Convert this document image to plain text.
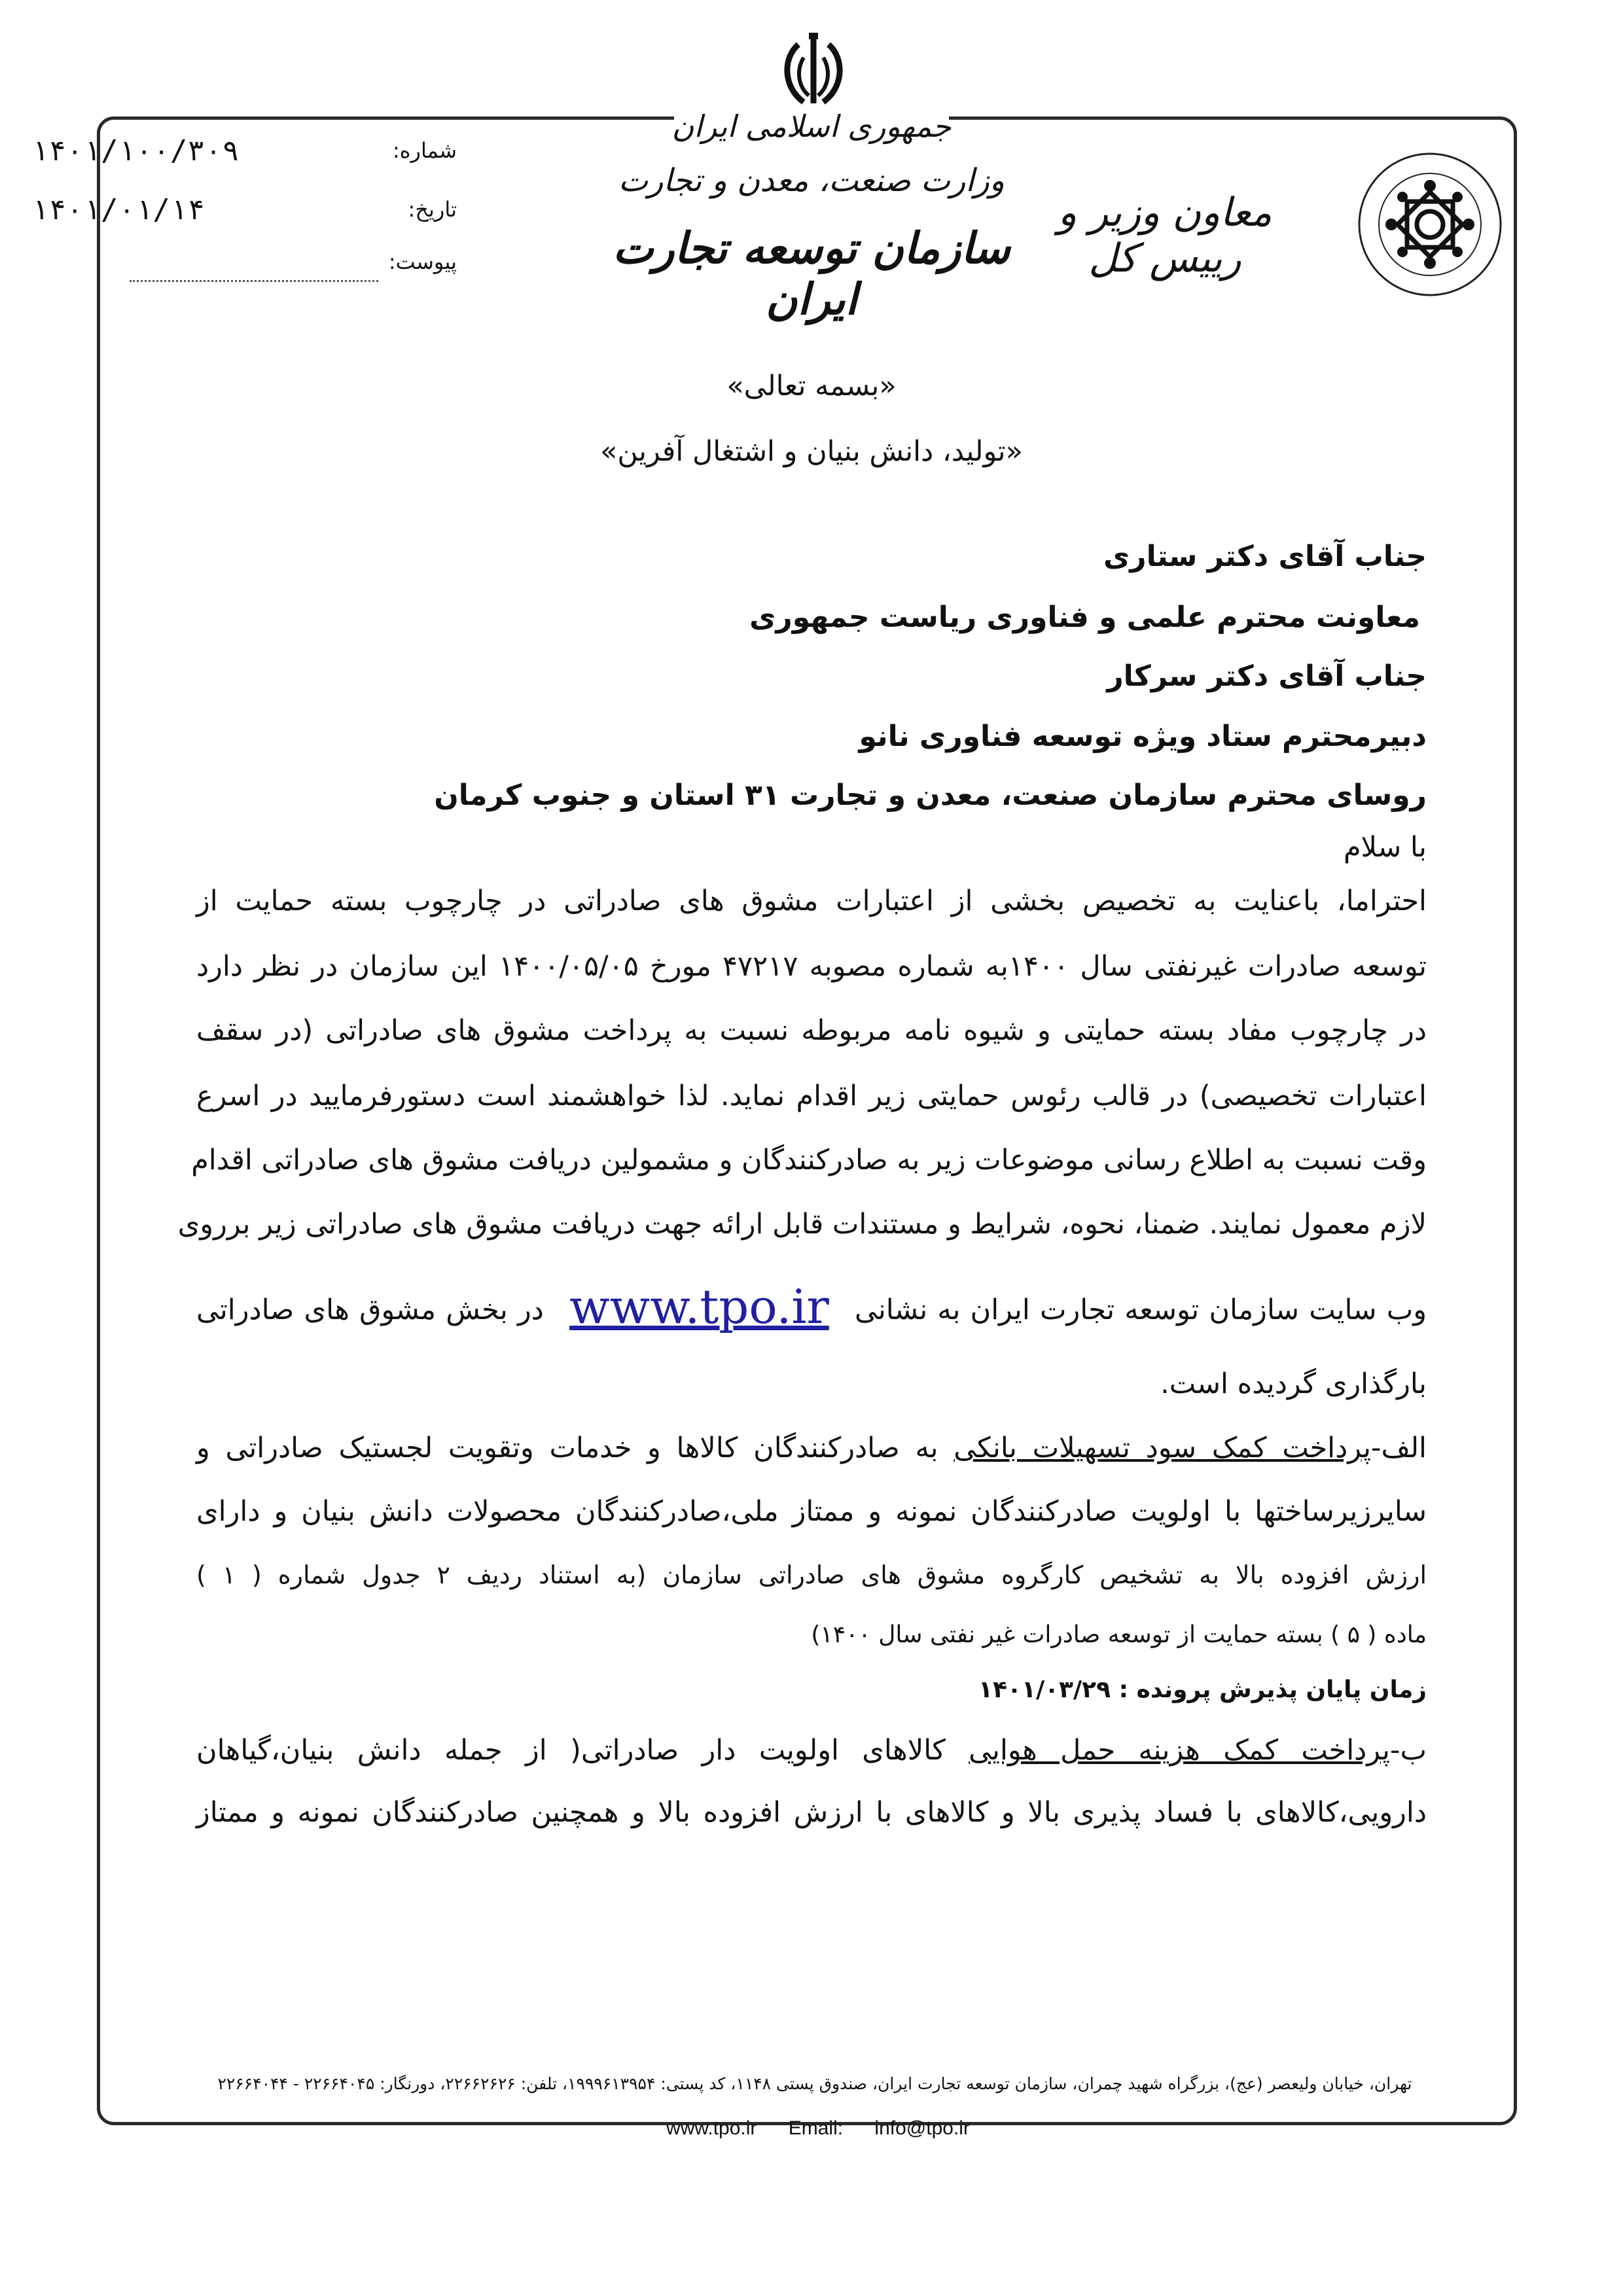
جمهوری اسلامی ایران
وزارت صنعت، معدن و تجارت
سازمان توسعه تجارت ایران
معاون وزیر و رییس کل
۱۴۰۱/۱۰۰/۳۰۹	شماره:
۱۴۰۱/۰۱/۱۴	تاریخ:
پیوست:
«بسمه تعالی»
«تولید، دانش بنیان و اشتغال آفرین»
جناب آقای دکتر ستاری
معاونت محترم علمی و فناوری ریاست جمهوری
جناب آقای دکتر سرکار
دبیرمحترم ستاد ویژه توسعه فناوری نانو
روسای محترم سازمان صنعت، معدن و تجارت ۳۱ استان و جنوب کرمان
با سلام
احتراما، باعنایت به تخصیص بخشی از اعتبارات مشوق های صادراتی در چارچوب بسته حمایت از
توسعه صادرات غیرنفتی سال ۱۴۰۰به شماره مصوبه ۴۷۲۱۷ مورخ ۱۴۰۰/۰۵/۰۵ این سازمان در نظر دارد
در چارچوب مفاد بسته حمایتی و شیوه نامه مربوطه نسبت به پرداخت مشوق های صادراتی (در سقف
اعتبارات تخصیصی) در قالب رئوس حمایتی زیر اقدام نماید. لذا خواهشمند است دستورفرمایید در اسرع
وقت نسبت به اطلاع رسانی موضوعات زیر به صادرکنندگان و مشمولین دریافت مشوق های صادراتی اقدام
لازم معمول نمایند. ضمنا، نحوه، شرایط و مستندات قابل ارائه جهت دریافت مشوق های صادراتی زیر برروی
وب سایت سازمان توسعه تجارت ایران به نشانی www.tpo.ir در بخش مشوق های صادراتی
بارگذاری گردیده است.
الف-پرداخت کمک سود تسهیلات بانکی به صادرکنندگان کالاها و خدمات وتقویت لجستیک صادراتی و
سایرزیرساختها با اولویت صادرکنندگان نمونه و ممتاز ملی،صادرکنندگان محصولات دانش بنیان و دارای
ارزش افزوده بالا به تشخیص کارگروه مشوق های صادراتی سازمان (به استناد ردیف ۲ جدول شماره ( ۱ )
ماده ( ۵ ) بسته حمایت از توسعه صادرات غیر نفتی سال ۱۴۰۰)
زمان پایان پذیرش پرونده : ۱۴۰۱/۰۳/۲۹
ب-پرداخت کمک هزینه حمل هوایی کالاهای اولویت دار صادراتی( از جمله دانش بنیان،گیاهان
دارویی،کالاهای با فساد پذیری بالا و کالاهای با ارزش افزوده بالا و همچنین صادرکنندگان نمونه و ممتاز
تهران، خیابان ولیعصر (عج)، بزرگراه شهید چمران، سازمان توسعه تجارت ایران، صندوق پستی ۱۱۴۸، کد پستی: ۱۹۹۹۶۱۳۹۵۴، تلفن: ۲۲۶۶۲۶۲۶، دورنگار: ۲۲۶۶۴۰۴۵ - ۲۲۶۶۴۰۴۴
www.tpo.ir Email: info@tpo.ir
